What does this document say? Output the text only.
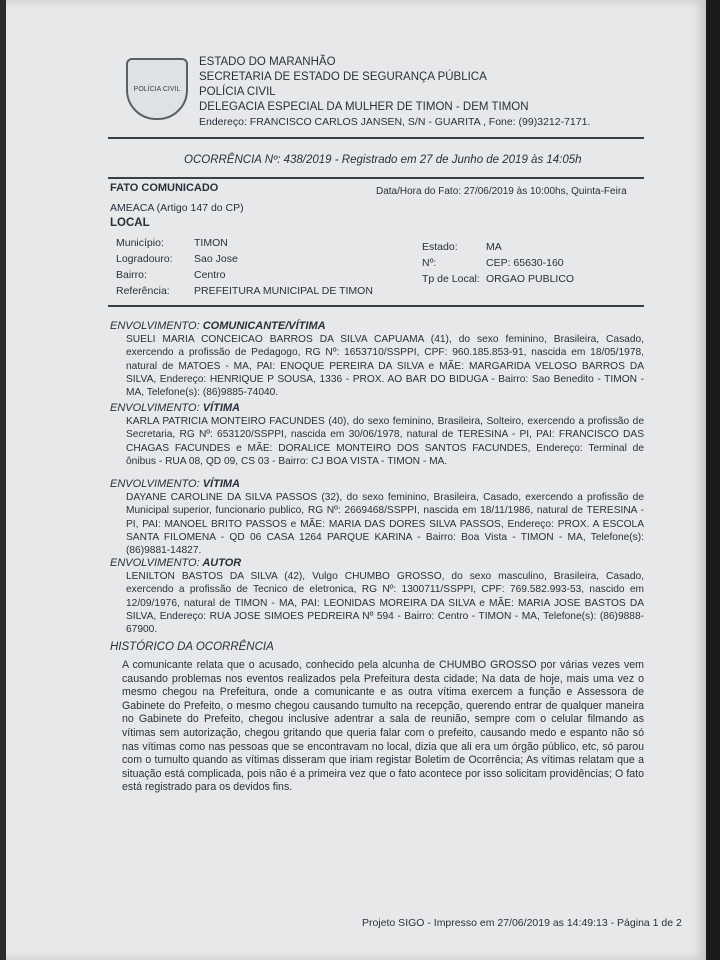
POLÍCIA CIVIL
ESTADO DO MARANHÃO
SECRETARIA DE ESTADO DE SEGURANÇA PÚBLICA
POLÍCIA CIVIL
DELEGACIA ESPECIAL DA MULHER DE TIMON - DEM TIMON
Endereço: FRANCISCO CARLOS JANSEN, S/N - GUARITA , Fone: (99)3212-7171.
OCORRÊNCIA Nº: 438/2019 - Registrado em 27 de Junho de 2019 às 14:05h
FATO COMUNICADO	Data/Hora do Fato: 27/06/2019 às 10:00hs, Quinta-Feira
AMEACA (Artigo 147 do CP)
LOCAL
Município:	TIMON
Logradouro: Sao Jose
Bairro:	Centro
Referência: PREFEITURA MUNICIPAL DE TIMON
Estado:	MA
Nº:	CEP: 65630-160
Tp de Local: ORGAO PUBLICO
ENVOLVIMENTO: COMUNICANTE/VÍTIMA
SUELI MARIA CONCEICAO BARROS DA SILVA CAPUAMA (41), do sexo feminino, Brasileira, Casado, exercendo a profissão de Pedagogo, RG Nº: 1653710/SSPPI, CPF: 960.185.853-91, nascida em 18/05/1978, natural de MATOES - MA, PAI: ENOQUE PEREIRA DA SILVA e MÃE: MARGARIDA VELOSO BARROS DA SILVA, Endereço: HENRIQUE P SOUSA, 1336 - PROX. AO BAR DO BIDUGA - Bairro: Sao Benedito - TIMON - MA, Telefone(s): (86)9885-74040.
ENVOLVIMENTO: VÍTIMA
KARLA PATRICIA MONTEIRO FACUNDES (40), do sexo feminino, Brasileira, Solteiro, exercendo a profissão de Secretaria, RG Nº: 653120/SSPPI, nascida em 30/06/1978, natural de TERESINA - PI, PAI: FRANCISCO DAS CHAGAS FACUNDES e MÃE: DORALICE MONTEIRO DOS SANTOS FACUNDES, Endereço: Terminal de ônibus - RUA 08, QD 09, CS 03 - Bairro: CJ BOA VISTA - TIMON - MA.
ENVOLVIMENTO: VÍTIMA
DAYANE CAROLINE DA SILVA PASSOS (32), do sexo feminino, Brasileira, Casado, exercendo a profissão de Municipal superior, funcionario publico, RG Nº: 2669468/SSPPI, nascida em 18/11/1986, natural de TERESINA - PI, PAI: MANOEL BRITO PASSOS e MÃE: MARIA DAS DORES SILVA PASSOS, Endereço: PROX. A ESCOLA SANTA FILOMENA - QD 06 CASA 1264 PARQUE KARINA - Bairro: Boa Vista - TIMON - MA, Telefone(s): (86)9881-14827.
ENVOLVIMENTO: AUTOR
LENILTON BASTOS DA SILVA (42), Vulgo CHUMBO GROSSO, do sexo masculino, Brasileira, Casado, exercendo a profissão de Tecnico de eletronica, RG Nº: 1300711/SSPPI, CPF: 769.582.993-53, nascido em 12/09/1976, natural de TIMON - MA, PAI: LEONIDAS MOREIRA DA SILVA e MÃE: MARIA JOSE BASTOS DA SILVA, Endereço: RUA JOSE SIMOES PEDREIRA Nº 594 - Bairro: Centro - TIMON - MA, Telefone(s): (86)9888-67900.
HISTÓRICO DA OCORRÊNCIA
A comunicante relata que o acusado, conhecido pela alcunha de CHUMBO GROSSO por várias vezes vem causando problemas nos eventos realizados pela Prefeitura desta cidade; Na data de hoje, mais uma vez o mesmo chegou na Prefeitura, onde a comunicante e as outra vítima exercem a função e Assessora de Gabinete do Prefeito, o mesmo chegou causando tumulto na recepção, querendo entrar de qualquer maneira no Gabinete do Prefeito, chegou inclusive adentrar a sala de reunião, sempre com o celular filmando as vítimas sem autorização, chegou gritando que queria falar com o prefeito, causando medo e espanto não só nas vítimas como nas pessoas que se encontravam no local, dizia que ali era um órgão público, etc, só parou com o tumulto quando as vítimas disseram que iriam registar Boletim de Ocorrência; As vítimas relatam que a situação está complicada, pois não é a primeira vez que o fato acontece por isso solicitam providências; O fato está registrado para os devidos fins.
Projeto SIGO - Impresso em 27/06/2019 as 14:49:13 - Página 1 de 2
